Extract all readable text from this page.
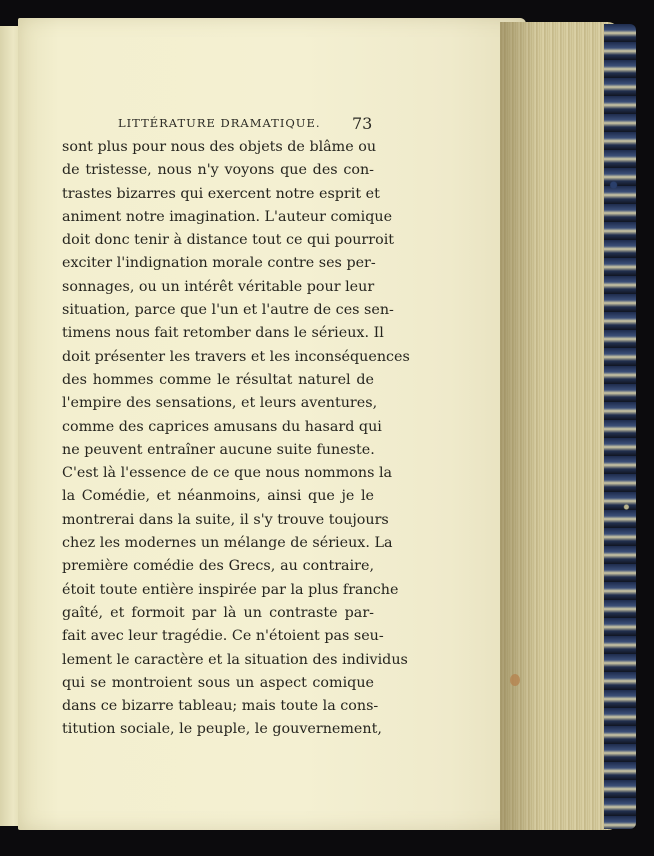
LITTÉRATURE DRAMATIQUE.	73
sont plus pour nous des objets de blâme ou
de tristesse, nous n'y voyons que des con-
trastes bizarres qui exercent notre esprit et
animent notre imagination. L'auteur comique
doit donc tenir à distance tout ce qui pourroit
exciter l'indignation morale contre ses per-
sonnages, ou un intérêt véritable pour leur
situation, parce que l'un et l'autre de ces sen-
timens nous fait retomber dans le sérieux. Il
doit présenter les travers et les inconséquences
des hommes comme le résultat naturel de
l'empire des sensations, et leurs aventures,
comme des caprices amusans du hasard qui
ne peuvent entraîner aucune suite funeste.
C'est là l'essence de ce que nous nommons la
la Comédie, et néanmoins, ainsi que je le
montrerai dans la suite, il s'y trouve toujours
chez les modernes un mélange de sérieux. La
première comédie des Grecs, au contraire,
étoit toute entière inspirée par la plus franche
gaîté, et formoit par là un contraste par-
fait avec leur tragédie. Ce n'étoient pas seu-
lement le caractère et la situation des individus
qui se montroient sous un aspect comique
dans ce bizarre tableau; mais toute la cons-
titution sociale, le peuple, le gouvernement,
